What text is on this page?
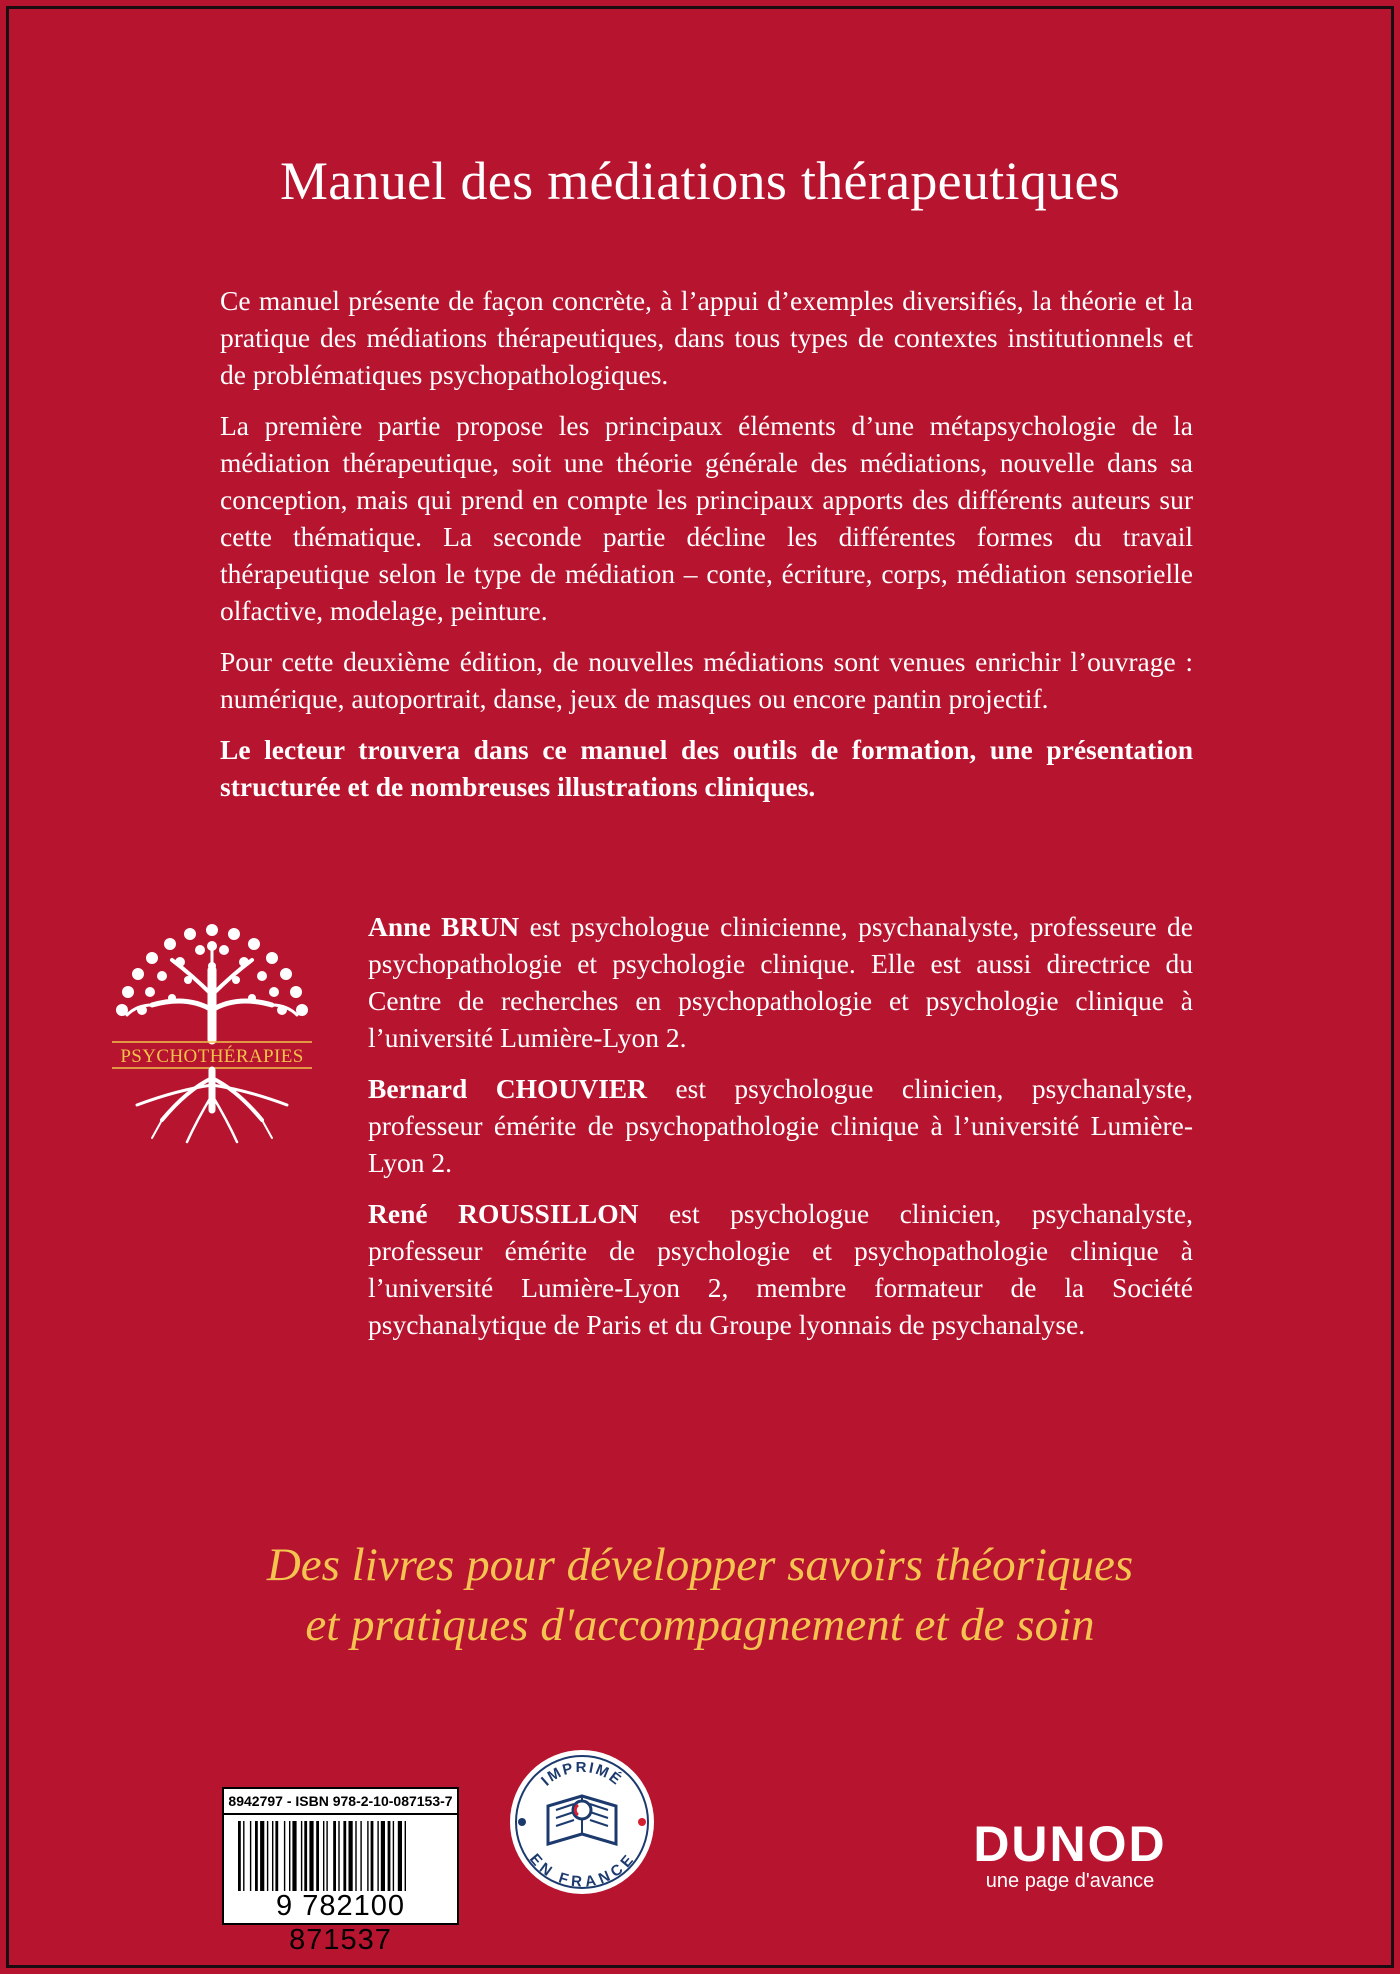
Manuel des médiations thérapeutiques

Ce manuel présente de façon concrète, à l’appui d’exemples diversifiés, la théorie et la pratique des médiations thérapeutiques, dans tous types de contextes institutionnels et de problématiques psychopathologiques.

La première partie propose les principaux éléments d’une métapsychologie de la médiation thérapeutique, soit une théorie générale des médiations, nouvelle dans sa conception, mais qui prend en compte les principaux apports des différents auteurs sur cette thématique. La seconde partie décline les différentes formes du travail thérapeutique selon le type de médiation – conte, écriture, corps, médiation sensorielle olfactive, modelage, peinture.

Pour cette deuxième édition, de nouvelles médiations sont venues enrichir l’ouvrage : numérique, autoportrait, danse, jeux de masques ou encore pantin projectif.

Le lecteur trouvera dans ce manuel des outils de formation, une présentation structurée et de nombreuses illustrations cliniques.

PSYCHOTHÉRAPIES

Anne BRUN est psychologue clinicienne, psychanalyste, professeure de psychopathologie et psychologie clinique. Elle est aussi directrice du Centre de recherches en psychopathologie et psychologie clinique à l’université Lumière-Lyon 2.

Bernard CHOUVIER est psychologue clinicien, psychanalyste, professeur émérite de psychopathologie clinique à l’université Lumière-Lyon 2.

René ROUSSILLON est psychologue clinicien, psychanalyste, professeur émérite de psychologie et psychopathologie clinique à l’université Lumière-Lyon 2, membre formateur de la Société psychanalytique de Paris et du Groupe lyonnais de psychanalyse.

Des livres pour développer savoirs théoriques
et pratiques d'accompagnement et de soin
8942797 - ISBN 978-2-10-087153-7
9 782100 871537
IMPRIMÉ
EN FRANCE	DUNOD
une page d'avance
